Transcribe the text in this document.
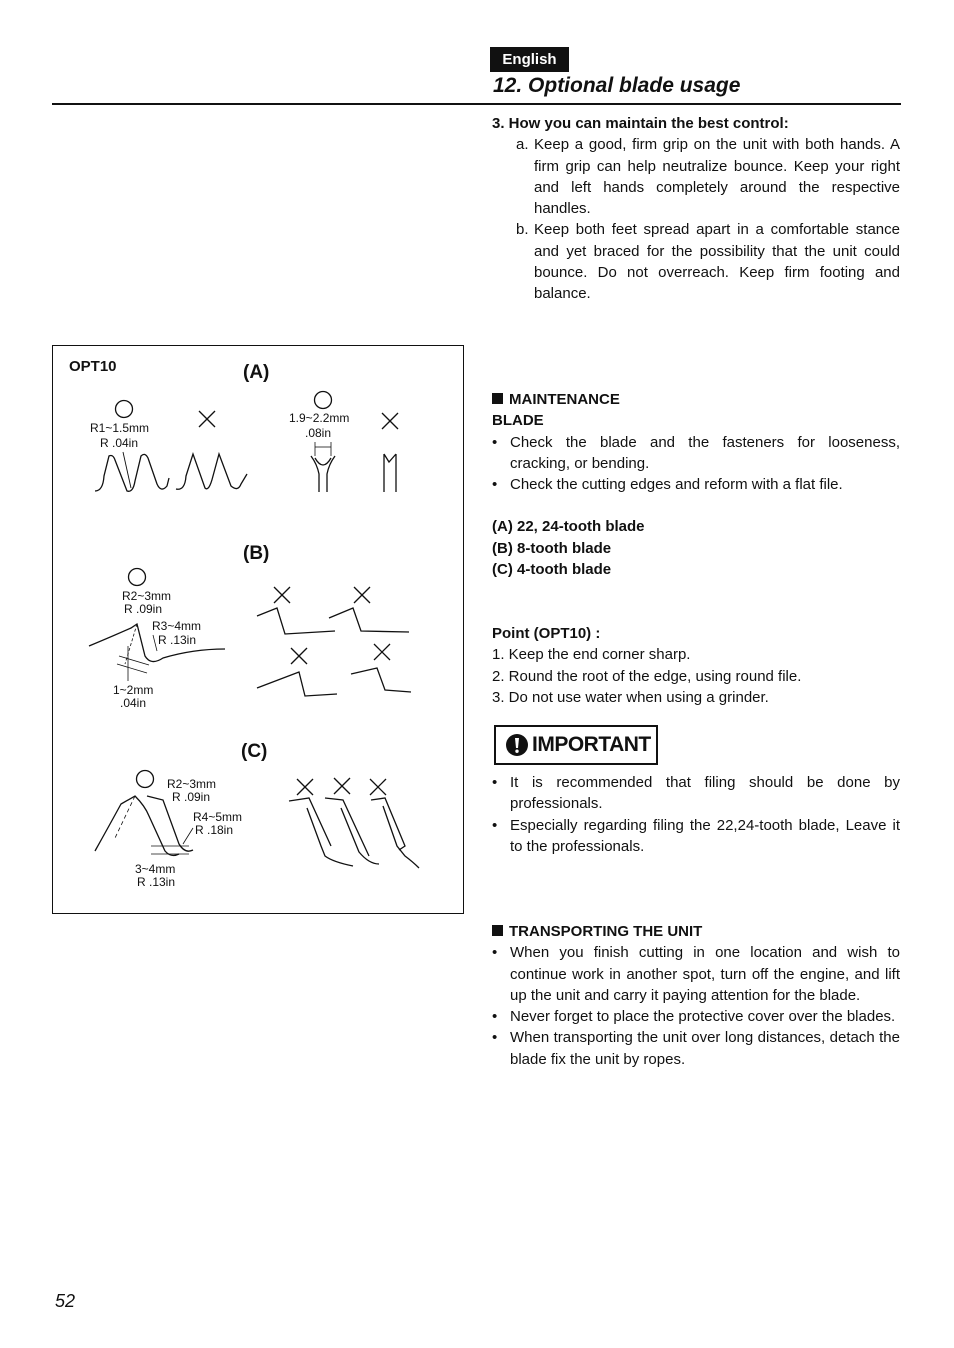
English
12. Optional blade usage
3. How you can maintain the best control:
a. Keep a good, firm grip on the unit with both hands. A firm grip can help neutralize bounce. Keep your right and left hands completely around the respective handles.
b. Keep both feet spread apart in a comfortable stance and yet braced for the possibility that the unit could bounce. Do not overreach. Keep firm footing and balance.
MAINTENANCE
BLADE
• Check the blade and the fasteners for looseness, cracking, or bending.
• Check the cutting edges and reform with a flat file.
(A) 22, 24-tooth blade
(B) 8-tooth blade
(C) 4-tooth blade
Point (OPT10) :
1. Keep the end corner sharp.
2. Round the root of the edge, using round file.
3. Do not use water when using a grinder.
IMPORTANT
• It is recommended that filing should be done by professionals.
• Especially regarding filing the 22,24-tooth blade, Leave it to the professionals.
TRANSPORTING THE UNIT
• When you finish cutting in one location and wish to continue work in another spot, turn off the engine, and lift up the unit and carry it paying attention for the blade.
• Never forget to place the protective cover over the blades.
• When transporting the unit over long distances, detach the blade fix the unit by ropes.
OPT10	(A)
R1~1.5mm
R .04in
1.9~2.2mm
.08in
(B)
R2~3mm
R .09in
R3~4mm
R .13in
1~2mm
.04in
(C)
R2~3mm
R .09in
R4~5mm
R .18in
3~4mm
R .13in
52
